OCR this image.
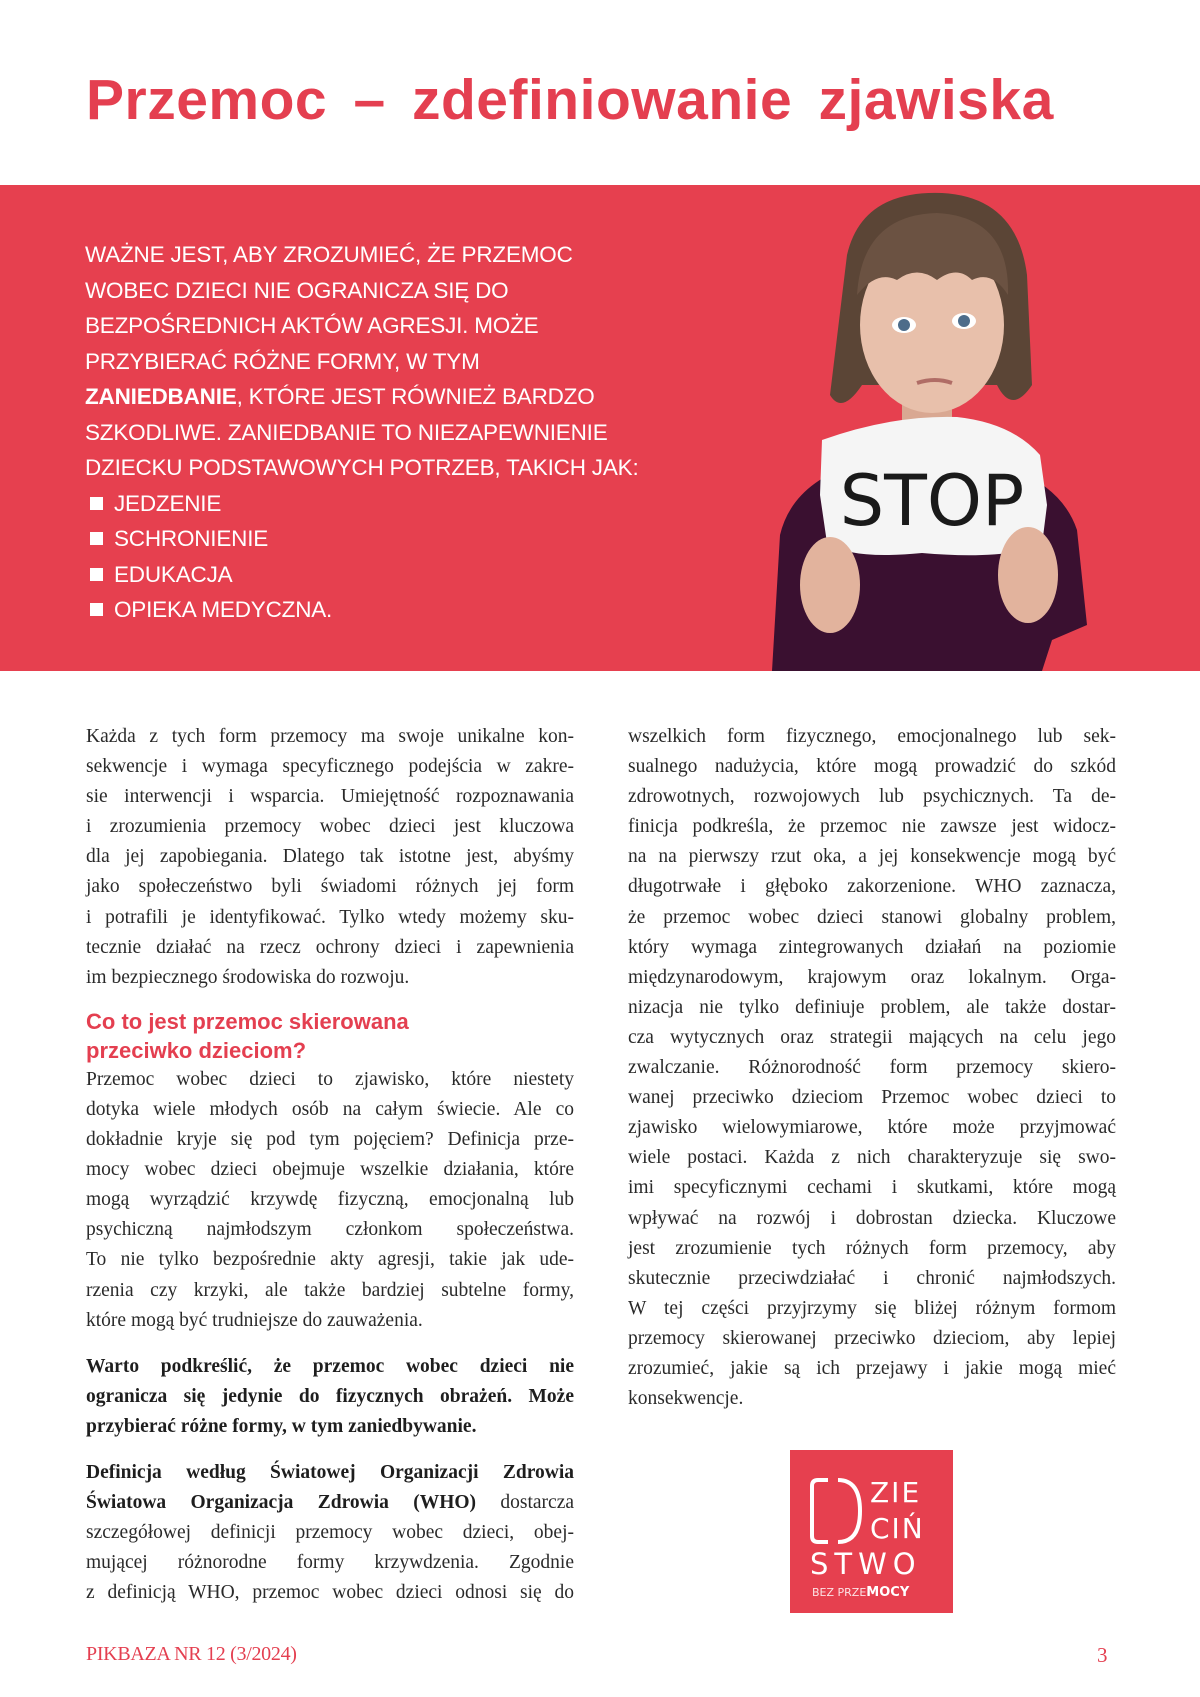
Przemoc – zdefiniowanie zjawiska
WAŻNE JEST, ABY ZROZUMIEĆ, ŻE PRZEMOC
WOBEC DZIECI NIE OGRANICZA SIĘ DO
BEZPOŚREDNICH AKTÓW AGRESJI. MOŻE
PRZYBIERAĆ RÓŻNE FORMY, W TYM
ZANIEDBANIE, KTÓRE JEST RÓWNIEŻ BARDZO
SZKODLIWE. ZANIEDBANIE TO NIEZAPEWNIENIE
DZIECKU PODSTAWOWYCH POTRZEB, TAKICH JAK:
JEDZENIE
SCHRONIENIE
EDUKACJA
OPIEKA MEDYCZNA.
STOP

Każda z tych form przemocy ma swoje unikalne kon-
sekwencje i wymaga specyficznego podejścia w zakre-
sie interwencji i wsparcia. Umiejętność rozpoznawania
i zrozumienia przemocy wobec dzieci jest kluczowa
dla jej zapobiegania. Dlatego tak istotne jest, abyśmy
jako społeczeństwo byli świadomi różnych jej form
i potrafili je identyfikować. Tylko wtedy możemy sku-
tecznie działać na rzecz ochrony dzieci i zapewnienia
im bezpiecznego środowiska do rozwoju.

Co to jest przemoc skierowana
przeciwko dzieciom?

Przemoc wobec dzieci to zjawisko, które niestety
dotyka wiele młodych osób na całym świecie. Ale co
dokładnie kryje się pod tym pojęciem? Definicja prze-
mocy wobec dzieci obejmuje wszelkie działania, które
mogą wyrządzić krzywdę fizyczną, emocjonalną lub
psychiczną najmłodszym członkom społeczeństwa.
To nie tylko bezpośrednie akty agresji, takie jak ude-
rzenia czy krzyki, ale także bardziej subtelne formy,
które mogą być trudniejsze do zauważenia.

Warto podkreślić, że przemoc wobec dzieci nie
ogranicza się jedynie do fizycznych obrażeń. Może
przybierać różne formy, w tym zaniedbywanie.

Definicja według Światowej Organizacji Zdrowia
Światowa Organizacja Zdrowia (WHO) dostarcza
szczegółowej definicji przemocy wobec dzieci, obej-
mującej różnorodne formy krzywdzenia. Zgodnie
z definicją WHO, przemoc wobec dzieci odnosi się do

wszelkich form fizycznego, emocjonalnego lub sek-
sualnego nadużycia, które mogą prowadzić do szkód
zdrowotnych, rozwojowych lub psychicznych. Ta de-
finicja podkreśla, że przemoc nie zawsze jest widocz-
na na pierwszy rzut oka, a jej konsekwencje mogą być
długotrwałe i głęboko zakorzenione. WHO zaznacza,
że przemoc wobec dzieci stanowi globalny problem,
który wymaga zintegrowanych działań na poziomie
międzynarodowym, krajowym oraz lokalnym. Orga-
nizacja nie tylko definiuje problem, ale także dostar-
cza wytycznych oraz strategii mających na celu jego
zwalczanie. Różnorodność form przemocy skiero-
wanej przeciwko dzieciom Przemoc wobec dzieci to
zjawisko wielowymiarowe, które może przyjmować
wiele postaci. Każda z nich charakteryzuje się swo-
imi specyficznymi cechami i skutkami, które mogą
wpływać na rozwój i dobrostan dziecka. Kluczowe
jest zrozumienie tych różnych form przemocy, aby
skutecznie przeciwdziałać i chronić najmłodszych.
W tej części przyjrzymy się bliżej różnym formom
przemocy skierowanej przeciwko dzieciom, aby lepiej
zrozumieć, jakie są ich przejawy i jakie mogą mieć
konsekwencje.

ZIE
CIŃ
STWO
BEZ PRZEMOCY
PIKBAZA NR 12 (3/2024)	3
